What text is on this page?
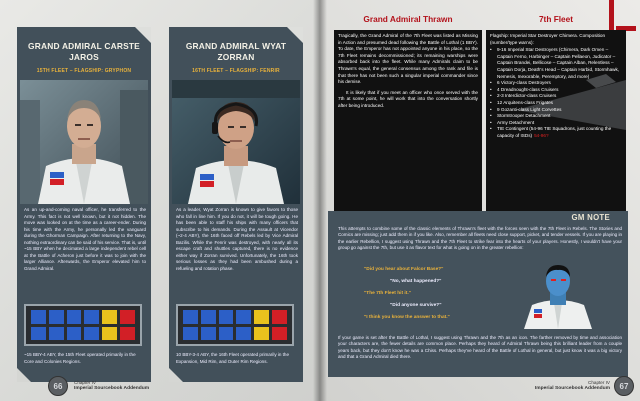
GRAND ADMIRAL CARSTE
JAROS
15TH FLEET – FLAGSHIP: GRYPHON
As an up-and-coming naval officer, he transferred to the Army. This fact is not well known, but it not hidden. The move was looked on at the time as a career-ender. During his time with the Army, he personally led the vanguard during the Ghorman Campaign. After returning to the Navy, nothing extraordinary can be said of his service. That is, until ~15 BBY when he decimated a large independent rebel cell at the Battle of Acheron just before it was to join with the larger Alliance. Afterwards, the Emperor elevated him to Grand Admiral.
~15 BBY-4 ABY, the 15th Fleet operated primarily in the Core and Colonies Regions.
GRAND ADMIRAL WYAT
ZORRAN
16TH FLEET – FLAGSHIP: FENRIR
As a leader, Wyat Zorran is known to give favors to those who fall in line him. If you do not, it will be tough going. He has been able to staff his ships with many officers that subscribe to his demands. During the Assault at Vicendor (~2-4 ABY), the 16th faced off Rebels led by Vice Admiral Bazilis. While the Fenrir was destroyed, with nearly all its escape craft and shuttles captured, there is no evidence either way if Zorran survived. Unfortunately, the 16th took serious losses as they had been ambushed during a refueling and rotation phase.
10 BBY-3-4 ABY, the 16th Fleet operated primarily in the Expansion, Mid Rim, and Outer Rim Regions.
66	Chapter IV
Imperial Sourcebook Addendum
Grand Admiral Thrawn

Tragically, the Grand Admiral of the 7th Fleet was listed as Missing in Action and presumed dead following the Battle of Lothal (1 BBY). To date, the Emperor has not appointed anyone in his place, so the 7th Fleet remains decommissioned; its remaining warships were absorbed back into the fleet. While many Admirals claim to be Thrawn's equal, the general consensus among the rank and file is that there has not been such a singular imperial commander since his demise.

It is likely that if you meet an officer who once served with the 7th at some point, he will work that into the conversation shortly after being introduced.

7th Fleet

Flagship: Imperial Star Destroyer Chimera. Composition (number/type warns):

• 9-16 Imperial Star Destroyers (Chimera, Dark Omen – Captain Ferno, Harbinger – Captain Pellaeon, Judicator – Captain Brandei, Bellicose – Captain Alban, Relentless – Captain Dorja, Death's Head – Captain Harbid, Stormhawk, Nemesis, Inexorable, Peremptory, and more)
• 6 Victory-class Destroyers
• 4 Dreadnought-class Cruisers
• 2-3 Interdictor-class Cruisers
• 12 Arquitens-class Frigates
• 9 Gozanti-class Light Corvettes
• Stormtrooper Detachment
• Army Detachment
• TIE Contingent (54-96 TIE Squadrons, just counting the capacity of ISDs) 54-96?
GM NOTE
This attempts to combine some of the classic elements of Thrawn's fleet with the forces seen with the 7th Fleet in Rebels. The Stories and Comics are missing; just add them in if you like. Also, remember all fleets need close support, picket, and tender vessels. If you are playing in the earlier Rebellion, I suggest using Thrawn and the 7th Fleet to strike fear into the hearts of your players. Honestly, I wouldn't have your group go against the 7th, but use it as flavor text for what is going on in the greater rebellion:
"Did you hear about Falcor Base?"
"No, what happened?"
"The 7th Fleet hit it."
"Did anyone survive?"
"I think you know the answer to that."
If your game is set after the Battle of Lothal, I suggest using Thrawn and the 7th as an icon. The farther removed by time and association your characters are, the fewer details are common place. Perhaps they heard of Admiral Thrawn being this brilliant leader from a couple years back, but they don't know he was a Chiss. Perhaps they've heard of the Battle of Lothal in general, but just know it was a big victory and that a Grand Admiral died there.
Chapter IV
Imperial Sourcebook Addendum	67
